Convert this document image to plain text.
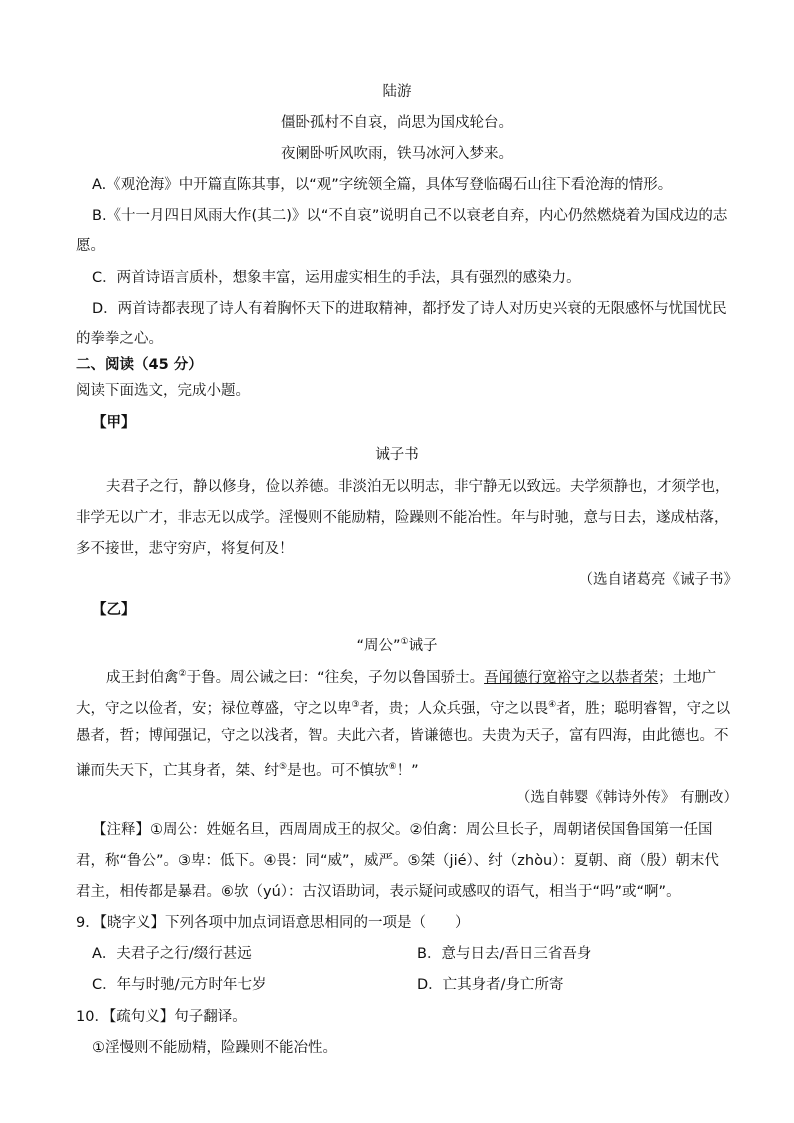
陆游
僵卧孤村不自哀，尚思为国戍轮台。
夜阑卧听风吹雨，铁马冰河入梦来。
A.《观沧海》中开篇直陈其事，以“观”字统领全篇，具体写登临碣石山往下看沧海的情形。
B.《十一月四日风雨大作(其二)》以“不自哀”说明自己不以衰老自弃，内心仍然燃烧着为国戍边的志
愿。
C．两首诗语言质朴，想象丰富，运用虚实相生的手法，具有强烈的感染力。
D．两首诗都表现了诗人有着胸怀天下的进取精神，都抒发了诗人对历史兴衰的无限感怀与忧国忧民
的拳拳之心。
二、阅读（45 分）
阅读下面选文，完成小题。
【甲】
诫子书
夫君子之行，静以修身，俭以养德。非淡泊无以明志，非宁静无以致远。夫学须静也，才须学也，
非学无以广才，非志无以成学。淫慢则不能励精，险躁则不能冶性。年与时驰，意与日去，遂成枯落，
多不接世，悲守穷庐，将复何及！
（选自诸葛亮《诫子书》
【乙】
“周公”①诫子
成王封伯禽②于鲁。周公诫之曰：“往矣，子勿以鲁国骄士。吾闻德行宽裕守之以恭者荣；土地广
大，守之以俭者，安；禄位尊盛，守之以卑③者，贵；人众兵强，守之以畏④者，胜；聪明睿智，守之以
愚者，哲；博闻强记，守之以浅者，智。夫此六者，皆谦德也。夫贵为天子，富有四海，由此德也。不
谦而失天下，亡其身者，桀、纣⑤是也。可不慎欤⑥！”
（选自韩婴《韩诗外传》 有删改）
【注释】①周公：姓姬名旦，西周周成王的叔父。②伯禽：周公旦长子，周朝诸侯国鲁国第一任国
君，称“鲁公”。③卑：低下。④畏：同“威”，威严。⑤桀（jié）、纣（zhòu）：夏朝、商（殷）朝末代
君主，相传都是暴君。⑥欤（yú）：古汉语助词，表示疑问或感叹的语气，相当于“吗”或“啊”。
9．【晓字义】下列各项中加点词语意思相同的一项是（　　）
A．夫君子之行/缀行甚远	B．意与日去/吾日三省吾身
C．年与时驰/元方时年七岁	D．亡其身者/身亡所寄
10．【疏句义】句子翻译。
①淫慢则不能励精，险躁则不能冶性。
